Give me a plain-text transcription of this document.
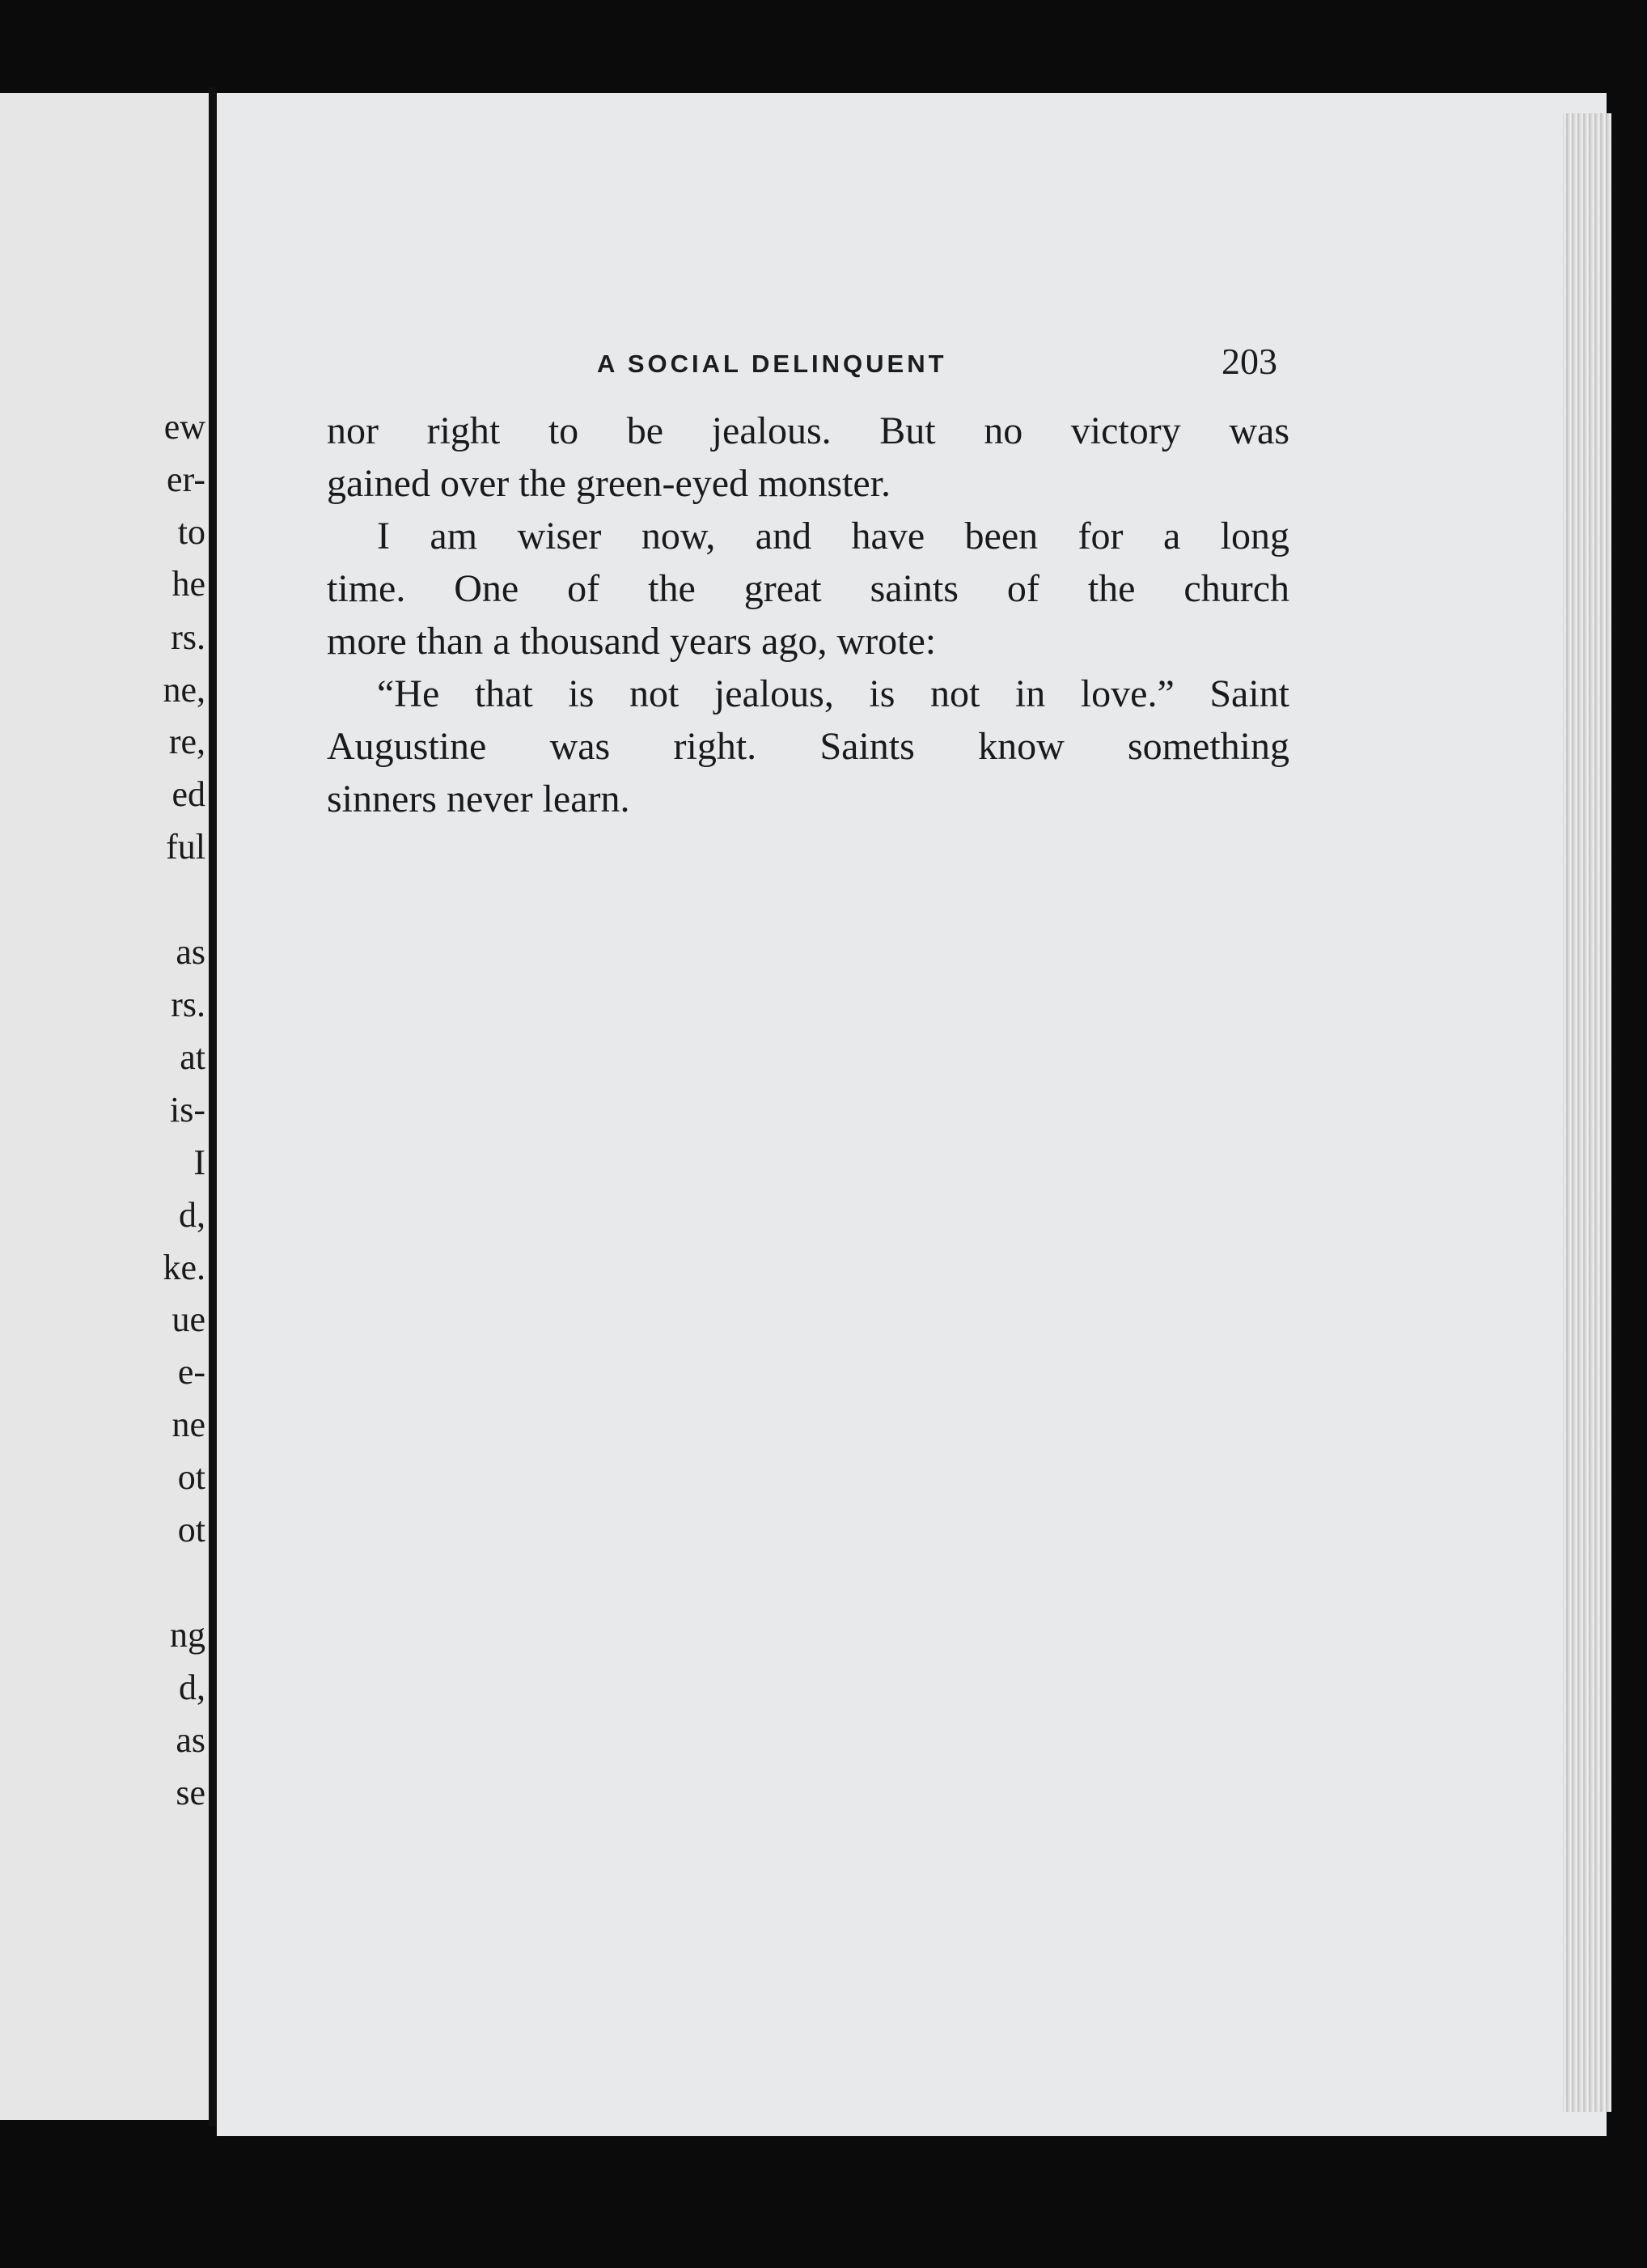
ew
er-
to
he
rs.
ne,
re,
ed
ful
as
rs.
at
is-
I
d,
ke.
ue
e-
ne
ot
ot
ng
d,
as
se
A SOCIAL DELINQUENT	203
nor right to be jealous. But no victory was
gained over the green-eyed monster.
I am wiser now, and have been for a long
time. One of the great saints of the church
more than a thousand years ago, wrote:
“He that is not jealous, is not in love.” Saint
Augustine was right. Saints know something
sinners never learn.
